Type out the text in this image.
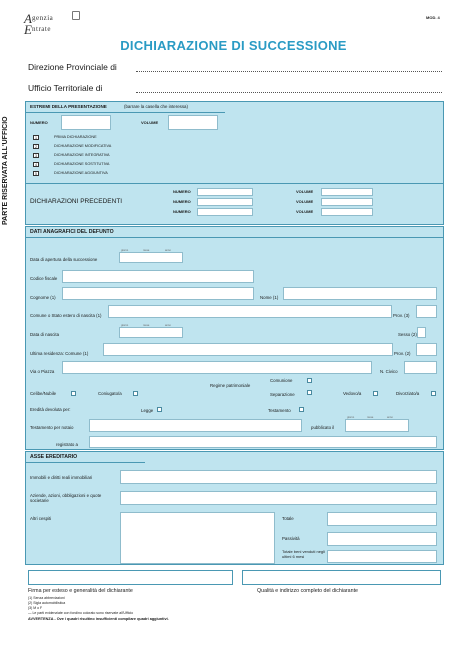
A genzia
E ntrate
MOD. 4
DICHIARAZIONE DI SUCCESSIONE
Direzione Provinciale di
Ufficio Territoriale di
PARTE RISERVATA ALL'UFFICIO
ESTREMI DELLA PRESENTAZIONE	(barrare la casella che interessa)
NUMERO	VOLUME
1	PRIMA DICHIARAZIONE
2	DICHIARAZIONE MODIFICATIVA
3	DICHIARAZIONE INTEGRATIVA
4	DICHIARAZIONE SOSTITUTIVA
5	DICHIARAZIONE AGGIUNTIVA
DICHIARAZIONI PRECEDENTI
NUMERO	VOLUME
NUMERO	VOLUME
NUMERO	VOLUME
DATI ANAGRAFICI DEL DEFUNTO
Data di apertura della successione
giorno	mese	anno
Codice fiscale
Cognome (1)	Nome (1)
Comune o Stato estero di nascita (1)	Prov. (3)
Data di nascita
giorno	mese	anno
Sesso (2)
Ultima residenza: Comune (1)	Prov. (2)
Via o Piazza	N. Civico
Regime patrimoniale
Comunione
Celibe/Nubile	Coniugato/a	Separazione	Vedovo/a	Divorziato/a
Eredità devoluta per:	Legge	Testamento
Testamento per notaio	pubblicato il
giorno	mese	anno
registrato a
ASSE EREDITARIO
Immobili e diritti reali immobiliari
Aziende, azioni, obbligazioni e quote societarie
Altri cespiti	Totale
Passività
Totale beni venduti negli ultimi 6 mesi
Firma per esteso e generalità del dichiarante	Qualità e indirizzo completo del dichiarante
(1) Senza abbreviazioni
(2) Sigla automobilistica
(3) M o F
— Le parti evidenziate con fondino colorato sono riservate all'Ufficio
AVVERTENZA - Ove i quadri risultino insufficienti compilare quadri aggiuntivi.
